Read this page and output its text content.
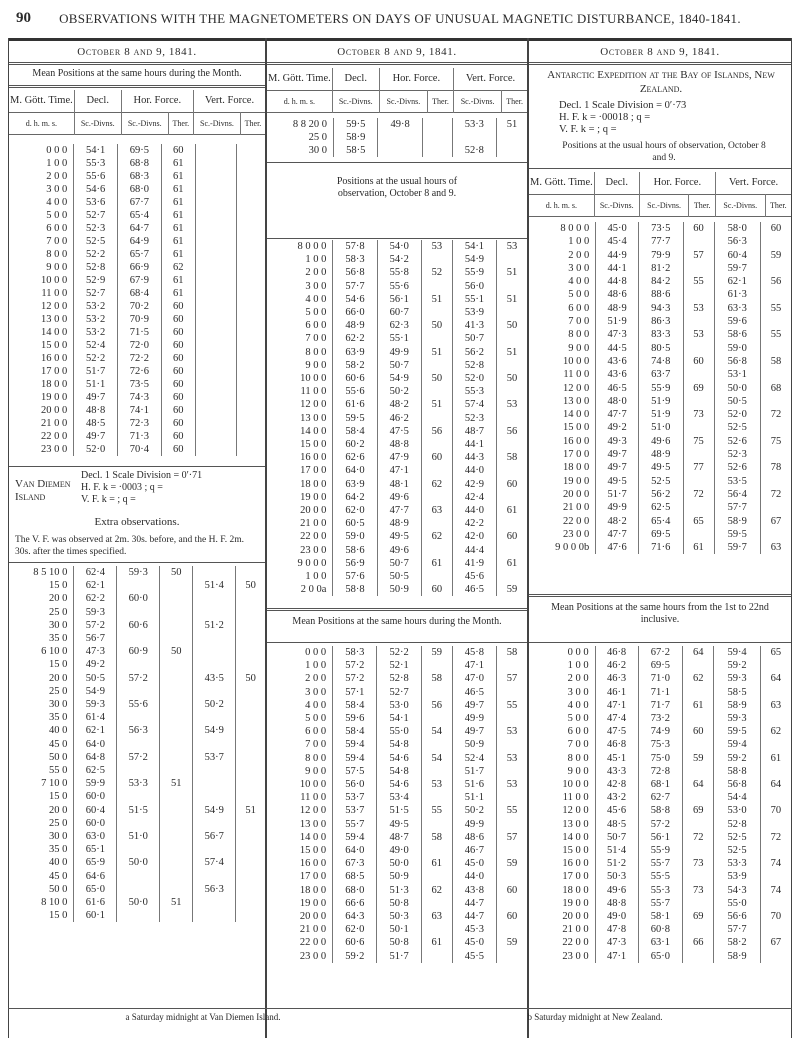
90	OBSERVATIONS WITH THE MAGNETOMETERS ON DAYS OF UNUSUAL MAGNETIC DISTURBANCE, 1840-1841.
October 8 and 9, 1841.
Mean Positions at the same hours during the Month.
M. Gött. Time.	Decl.	Hor. Force.		Vert. Force.	
d. h. m. s.	Sc.-Divns.	Sc.-Divns.	Ther.	Sc.-Divns.	Ther.
0 0 0	54·1	69·5	60		
1 0 0	55·3	68·8	61		
2 0 0	55·6	68·3	61		
3 0 0	54·6	68·0	61		
4 0 0	53·6	67·7	61		
5 0 0	52·7	65·4	61		
6 0 0	52·3	64·7	61		
7 0 0	52·5	64·9	61		
8 0 0	52·2	65·7	61		
9 0 0	52·8	66·9	62		
10 0 0	52·9	67·9	61		
11 0 0	52·7	68·4	61		
12 0 0	53·2	70·2	60		
13 0 0	53·2	70·9	60		
14 0 0	53·2	71·5	60		
15 0 0	52·4	72·0	60		
16 0 0	52·2	72·2	60		
17 0 0	51·7	72·6	60		
18 0 0	51·1	73·5	60		
19 0 0	49·7	74·3	60		
20 0 0	48·8	74·1	60		
21 0 0	48·5	72·3	60		
22 0 0	49·7	71·3	60		
23 0 0	52·0	70·4	60		
Van Diemen Island
Decl. 1 Scale Division = 0′·71
H. F. k = ·0003 ; q =
V. F. k = ; q =
Extra observations.
The V. F. was observed at 2m. 30s. before, and the H. F. 2m. 30s. after the times specified.
8 5 10 0	62·4	59·3	50		
15 0	62·1			51·4	50
20 0	62·2	60·0			
25 0	59·3				
30 0	57·2	60·6		51·2	
35 0	56·7				
6 10 0	47·3	60·9	50		
15 0	49·2				
20 0	50·5	57·2		43·5	50
25 0	54·9				
30 0	59·3	55·6		50·2	
35 0	61·4				
40 0	62·1	56·3		54·9	
45 0	64·0				
50 0	64·8	57·2		53·7	
55 0	62·5				
7 10 0	59·9	53·3	51		
15 0	60·0				
20 0	60·4	51·5		54·9	51
25 0	60·0				
30 0	63·0	51·0		56·7	
35 0	65·1				
40 0	65·9	50·0		57·4	
45 0	64·6				
50 0	65·0			56·3	
8 10 0	61·6	50·0	51		
15 0	60·1				
October 8 and 9, 1841.
M. Gött. Time.	Decl.	Hor. Force.		Vert. Force.	
d. h. m. s.	Sc.-Divns.	Sc.-Divns.	Ther.	Sc.-Divns.	Ther.
8 8 20 0	59·5	49·8		53·3	51
25 0	58·9				
30 0	58·5			52·8	
Positions at the usual hours of observation, October 8 and 9.
8 0 0 0	57·8	54·0	53	54·1	53
1 0 0	58·3	54·2		54·9	
2 0 0	56·8	55·8	52	55·9	51
3 0 0	57·7	55·6		56·0	
4 0 0	54·6	56·1	51	55·1	51
5 0 0	66·0	60·7		53·9	
6 0 0	48·9	62·3	50	41·3	50
7 0 0	62·2	55·1		50·7	
8 0 0	63·9	49·9	51	56·2	51
9 0 0	58·2	50·7		52·8	
10 0 0	60·6	54·9	50	52·0	50
11 0 0	55·6	50·2		55·3	
12 0 0	61·6	48·2	51	57·4	53
13 0 0	59·5	46·2		52·3	
14 0 0	58·4	47·5	56	48·7	56
15 0 0	60·2	48·8		44·1	
16 0 0	62·6	47·9	60	44·3	58
17 0 0	64·0	47·1		44·0	
18 0 0	63·9	48·1	62	42·9	60
19 0 0	64·2	49·6		42·4	
20 0 0	62·0	47·7	63	44·0	61
21 0 0	60·5	48·9		42·2	
22 0 0	59·0	49·5	62	42·0	60
23 0 0	58·6	49·6		44·4	
9 0 0 0	56·9	50·7	61	41·9	61
1 0 0	57·6	50·5		45·6	
2 0 0a	58·8	50·9	60	46·5	59
Mean Positions at the same hours during the Month.
0 0 0	58·3	52·2	59	45·8	58
1 0 0	57·2	52·1		47·1	
2 0 0	57·2	52·8	58	47·0	57
3 0 0	57·1	52·7		46·5	
4 0 0	58·4	53·0	56	49·7	55
5 0 0	59·6	54·1		49·9	
6 0 0	58·4	55·0	54	49·7	53
7 0 0	59·4	54·8		50·9	
8 0 0	59·4	54·6	54	52·4	53
9 0 0	57·5	54·8		51·7	
10 0 0	56·0	54·6	53	51·6	53
11 0 0	53·7	53·4		51·1	
12 0 0	53·7	51·5	55	50·2	55
13 0 0	55·7	49·5		49·9	
14 0 0	59·4	48·7	58	48·6	57
15 0 0	64·0	49·0		46·7	
16 0 0	67·3	50·0	61	45·0	59
17 0 0	68·5	50·9		44·0	
18 0 0	68·0	51·3	62	43·8	60
19 0 0	66·6	50·8		44·7	
20 0 0	64·3	50·3	63	44·7	60
21 0 0	62·0	50·1		45·3	
22 0 0	60·6	50·8	61	45·0	59
23 0 0	59·2	51·7		45·5	
October 8 and 9, 1841.
Antarctic Expedition at the Bay of Islands, New Zealand.
Decl. 1 Scale Division = 0′·73
H. F. k = ·00018 ; q =
V. F. k = ; q =
Positions at the usual hours of observation, October 8 and 9.
M. Gött. Time.	Decl.	Hor. Force.		Vert. Force.	
d. h. m. s.	Sc.-Divns.	Sc.-Divns.	Ther.	Sc.-Divns.	Ther.
8 0 0 0	45·0	73·5	60	58·0	60
1 0 0	45·4	77·7		56·3	
2 0 0	44·9	79·9	57	60·4	59
3 0 0	44·1	81·2		59·7	
4 0 0	44·8	84·2	55	62·1	56
5 0 0	48·6	88·6		61·3	
6 0 0	48·9	94·3	53	63·3	55
7 0 0	51·9	86·3		59·6	
8 0 0	47·3	83·3	53	58·6	55
9 0 0	44·5	80·5		59·0	
10 0 0	43·6	74·8	60	56·8	58
11 0 0	43·6	63·7		53·1	
12 0 0	46·5	55·9	69	50·0	68
13 0 0	48·0	51·9		50·5	
14 0 0	47·7	51·9	73	52·0	72
15 0 0	49·2	51·0		52·5	
16 0 0	49·3	49·6	75	52·6	75
17 0 0	49·7	48·9		52·3	
18 0 0	49·7	49·5	77	52·6	78
19 0 0	49·5	52·5		53·5	
20 0 0	51·7	56·2	72	56·4	72
21 0 0	49·9	62·5		57·7	
22 0 0	48·2	65·4	65	58·9	67
23 0 0	47·7	69·5		59·5	
9 0 0 0b	47·6	71·6	61	59·7	63
Mean Positions at the same hours from the 1st to 22nd inclusive.
0 0 0	46·8	67·2	64	59·4	65
1 0 0	46·2	69·5		59·2	
2 0 0	46·3	71·0	62	59·3	64
3 0 0	46·1	71·1		58·5	
4 0 0	47·1	71·7	61	58·9	63
5 0 0	47·4	73·2		59·3	
6 0 0	47·5	74·9	60	59·5	62
7 0 0	46·8	75·3		59·4	
8 0 0	45·1	75·0	59	59·2	61
9 0 0	43·3	72·8		58·8	
10 0 0	42·8	68·1	64	56·8	64
11 0 0	43·2	62·7		54·4	
12 0 0	45·6	58·8	69	53·0	70
13 0 0	48·5	57·2		52·8	
14 0 0	50·7	56·1	72	52·5	72
15 0 0	51·4	55·9		52·5	
16 0 0	51·2	55·7	73	53·3	74
17 0 0	50·3	55·5		53·9	
18 0 0	49·6	55·3	73	54·3	74
19 0 0	48·8	55·7		55·0	
20 0 0	49·0	58·1	69	56·6	70
21 0 0	47·8	60·8		57·7	
22 0 0	47·3	63·1	66	58·2	67
23 0 0	47·1	65·0		58·9	
a Saturday midnight at Van Diemen Island.	b Saturday midnight at New Zealand.
